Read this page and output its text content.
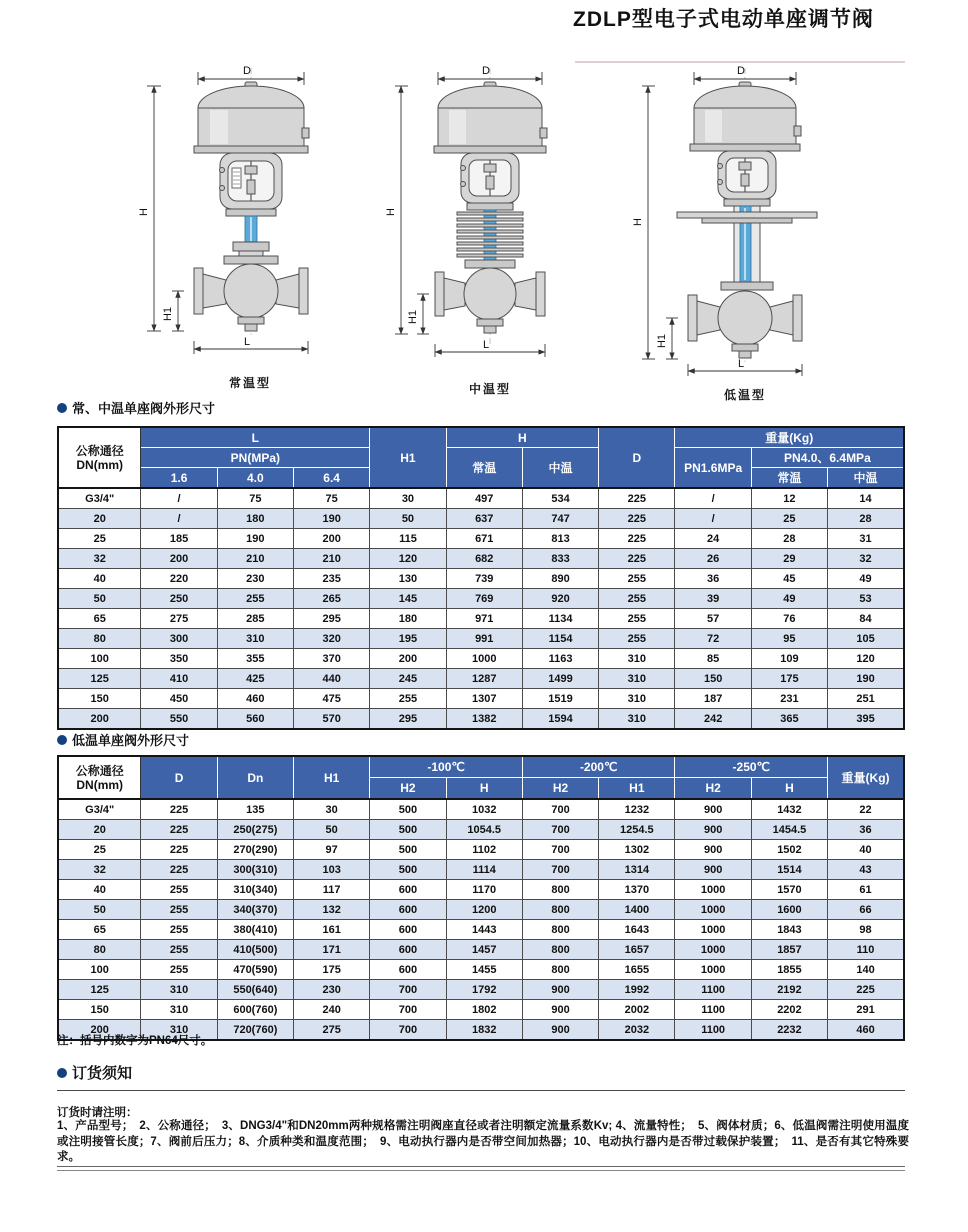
ZDLP型电子式电动单座调节阀
D
H
H1
L
常温型
D
H
H1
L
中温型
D
H
H1
L
低温型
常、中温单座阀外形尺寸
公称通径
DN(mm)	L			H1	H		D	重量(Kg)		
	PN(MPa)				常温	中温		PN1.6MPa	PN4.0、6.4MPa	
	1.6	4.0	6.4						常温	中温
G3/4"	/	75	75	30	497	534	225	/	12	14
20	/	180	190	50	637	747	225	/	25	28
25	185	190	200	115	671	813	225	24	28	31
32	200	210	210	120	682	833	225	26	29	32
40	220	230	235	130	739	890	255	36	45	49
50	250	255	265	145	769	920	255	39	49	53
65	275	285	295	180	971	1134	255	57	76	84
80	300	310	320	195	991	1154	255	72	95	105
100	350	355	370	200	1000	1163	310	85	109	120
125	410	425	440	245	1287	1499	310	150	175	190
150	450	460	475	255	1307	1519	310	187	231	251
200	550	560	570	295	1382	1594	310	242	365	395
低温单座阀外形尺寸
公称通径
DN(mm)	D	Dn	H1	-100℃		-200℃		-250℃		重量(Kg)
				H2	H	H2	H1	H2	H	
G3/4"	225	135	30	500	1032	700	1232	900	1432	22
20	225	250(275)	50	500	1054.5	700	1254.5	900	1454.5	36
25	225	270(290)	97	500	1102	700	1302	900	1502	40
32	225	300(310)	103	500	1114	700	1314	900	1514	43
40	255	310(340)	117	600	1170	800	1370	1000	1570	61
50	255	340(370)	132	600	1200	800	1400	1000	1600	66
65	255	380(410)	161	600	1443	800	1643	1000	1843	98
80	255	410(500)	171	600	1457	800	1657	1000	1857	110
100	255	470(590)	175	600	1455	800	1655	1000	1855	140
125	310	550(640)	230	700	1792	900	1992	1100	2192	225
150	310	600(760)	240	700	1802	900	2002	1100	2202	291
200	310	720(760)	275	700	1832	900	2032	1100	2232	460
注：括号内数字为PN64尺寸。
订货须知
订货时请注明：
1、产品型号；　2、公称通径；　3、DNG3/4"和DN20mm两种规格需注明阀座直径或者注明额定流量系数Kv; 4、流量特性；　5、阀体材质；6、低温阀需注明使用温度或注明接管长度；7、阀前后压力；8、介质种类和温度范围；　9、电动执行器内是否带空间加热器；10、电动执行器内是否带过载保护装置；　11、是否有其它特殊要求。
